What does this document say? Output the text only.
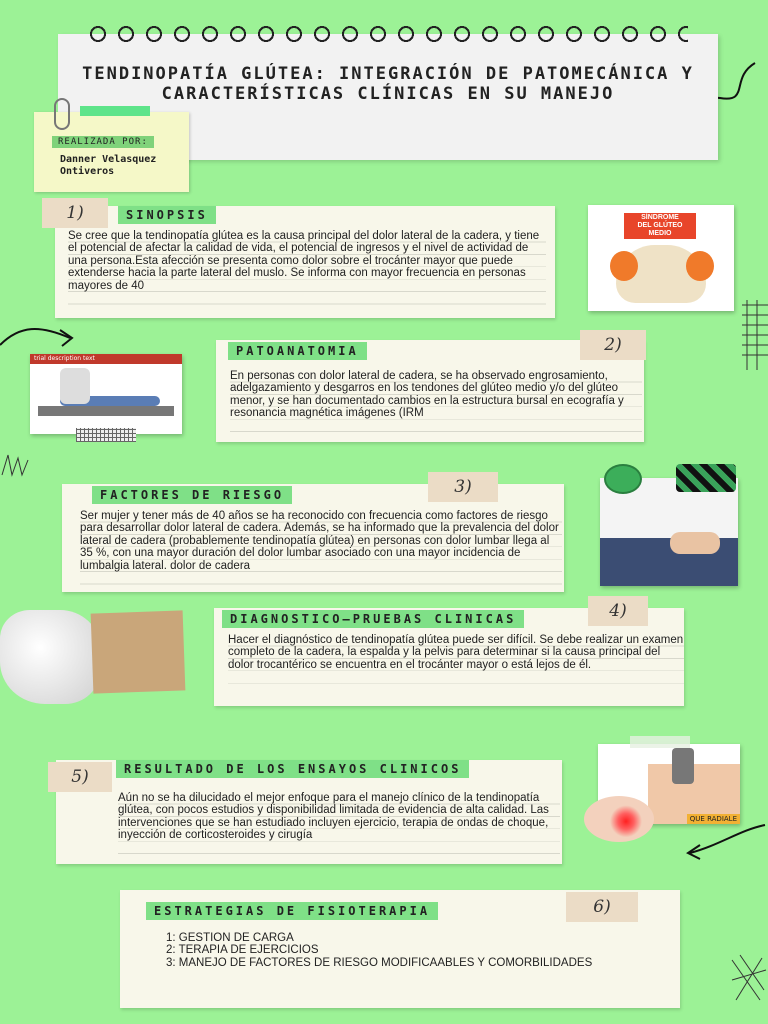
TENDINOPATÍA GLÚTEA: INTEGRACIÓN DE PATOMECÁNICA Y CARACTERÍSTICAS CLÍNICAS EN SU MANEJO
REALIZADA POR:
Danner Velasquez Ontiveros
1)	SINOPSIS
Se cree que la tendinopatía glútea es la causa principal del dolor lateral de la cadera, y tiene el potencial de afectar la calidad de vida, el potencial de ingresos y el nivel de actividad de una persona.Esta afección se presenta como dolor sobre el trocánter mayor que puede extenderse hacia la parte lateral del muslo. Se informa con mayor frecuencia en personas mayores de 40
SÍNDROME
DEL GLÚTEO
MEDIO
trial description text
PATOANATOMIA	2)
En personas con dolor lateral de cadera, se ha observado engrosamiento, adelgazamiento y desgarros en los tendones del glúteo medio y/o del glúteo menor, y se han documentado cambios en la estructura bursal en ecografía y resonancia magnética imágenes (IRM
FACTORES DE RIESGO	3)
Ser mujer y tener más de 40 años se ha reconocido con frecuencia como factores de riesgo para desarrollar dolor lateral de cadera. Además, se ha informado que la prevalencia del dolor lateral de cadera (probablemente tendinopatía glútea) en personas con dolor lumbar llega al 35 %, con una mayor duración del dolor lumbar asociado con una mayor incidencia de lumbalgia lateral. dolor de cadera
DIAGNOSTICO—PRUEBAS CLINICAS	4)
Hacer el diagnóstico de tendinopatía glútea puede ser difícil. Se debe realizar un examen completo de la cadera, la espalda y la pelvis para determinar si la causa principal del dolor trocantérico se encuentra en el trocánter mayor o está lejos de él.
5)	RESULTADO DE LOS ENSAYOS CLINICOS
Aún no se ha dilucidado el mejor enfoque para el manejo clínico de la tendinopatía glútea, con pocos estudios y disponibilidad limitada de evidencia de alta calidad. Las intervenciones que se han estudiado incluyen ejercicio, terapia de ondas de choque, inyección de corticosteroides y cirugía
QUE RADIALE
ESTRATEGIAS DE FISIOTERAPIA	6)
1: GESTION DE CARGA
2: TERAPIA DE EJERCICIOS
3: MANEJO DE FACTORES DE RIESGO MODIFICAABLES Y COMORBILIDADES
